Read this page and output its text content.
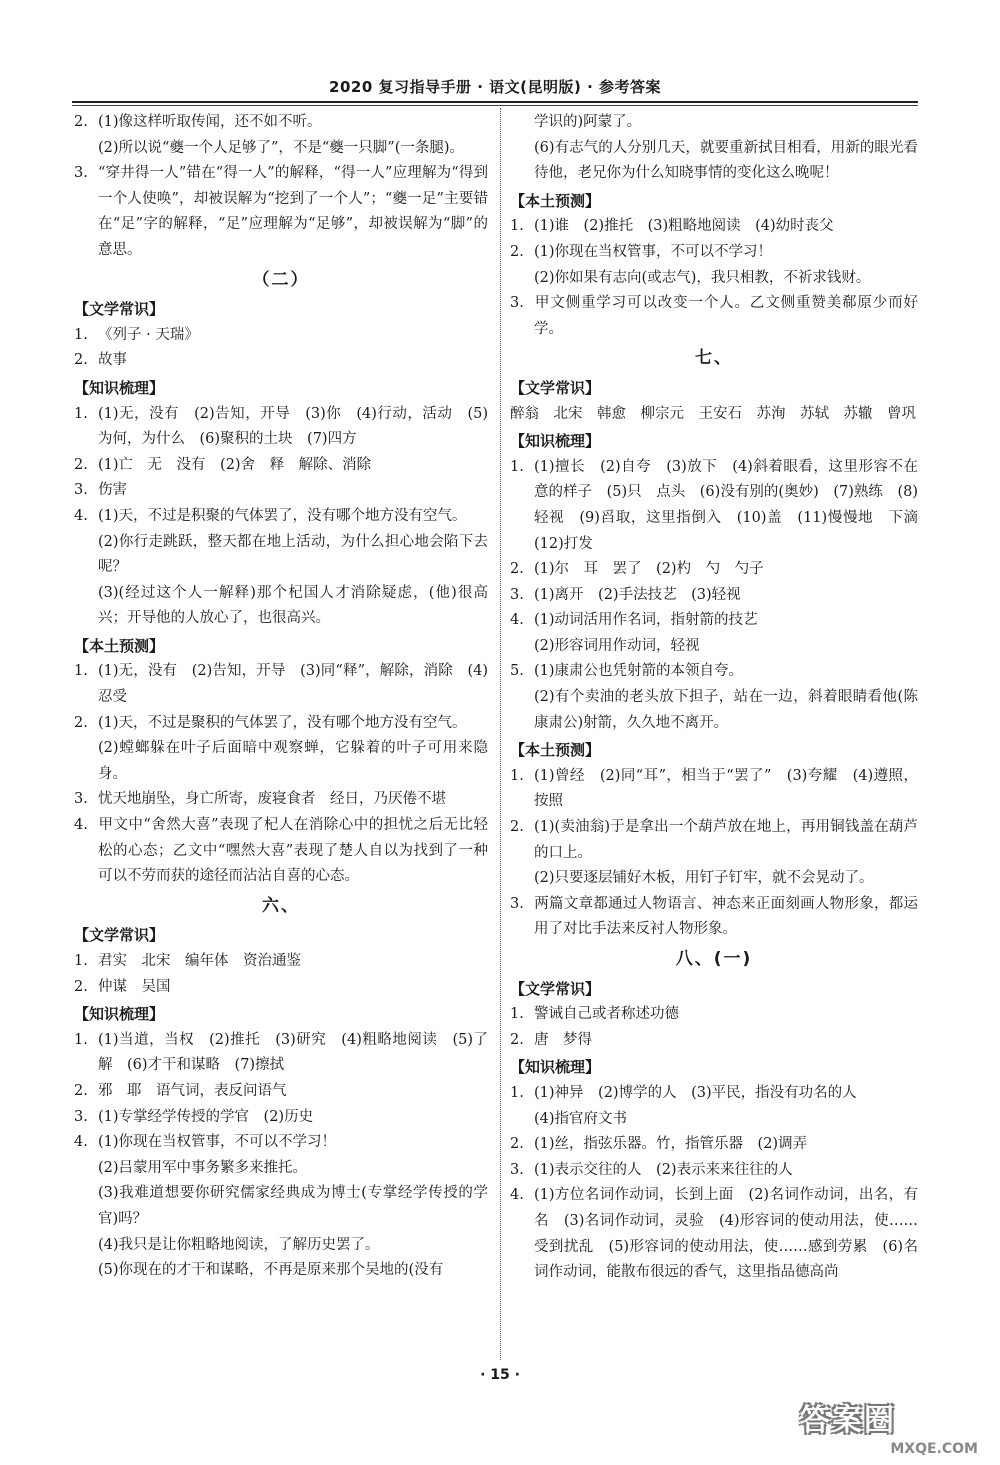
2020 复习指导手册 · 语文(昆明版) · 参考答案
2. (1)像这样听取传闻，还不如不听。
(2)所以说“夔一个人足够了”，不是“夔一只脚”(一条腿)。
3. “穿井得一人”错在“得一人”的解释，“得一人”应理解为“得到一个人使唤”，却被误解为“挖到了一个人”；“夔一足”主要错在“足”字的解释，“足”应理解为“足够”，却被误解为“脚”的意思。
（二）
【文学常识】
1. 《列子 · 天瑞》
2. 故事
【知识梳理】
1. (1)无，没有　(2)告知，开导　(3)你　(4)行动，活动　(5)为何，为什么　(6)聚积的土块　(7)四方
2. (1)亡　无　没有　(2)舍　释　解除、消除
3. 伤害
4. (1)天，不过是积聚的气体罢了，没有哪个地方没有空气。
(2)你行走跳跃，整天都在地上活动，为什么担心地会陷下去呢？
(3)(经过这个人一解释)那个杞国人才消除疑虑，(他)很高兴；开导他的人放心了，也很高兴。
【本土预测】
1. (1)无，没有　(2)告知，开导　(3)同“释”，解除，消除　(4)忍受
2. (1)天，不过是聚积的气体罢了，没有哪个地方没有空气。
(2)螳螂躲在叶子后面暗中观察蝉，它躲着的叶子可用来隐身。
3. 忧天地崩坠，身亡所寄，废寝食者　经日，乃厌倦不堪
4. 甲文中“舍然大喜”表现了杞人在消除心中的担忧之后无比轻松的心态；乙文中“嘿然大喜”表现了楚人自以为找到了一种可以不劳而获的途径而沾沾自喜的心态。
六、
【文学常识】
1. 君实　北宋　编年体　资治通鉴
2. 仲谋　吴国
【知识梳理】
1. (1)当道，当权　(2)推托　(3)研究　(4)粗略地阅读　(5)了解　(6)才干和谋略　(7)擦拭
2. 邪　耶　语气词，表反问语气
3. (1)专掌经学传授的学官　(2)历史
4. (1)你现在当权管事，不可以不学习！
(2)吕蒙用军中事务繁多来推托。
(3)我难道想要你研究儒家经典成为博士(专掌经学传授的学官)吗？
(4)我只是让你粗略地阅读，了解历史罢了。
(5)你现在的才干和谋略，不再是原来那个吴地的(没有
学识的)阿蒙了。
(6)有志气的人分别几天，就要重新拭目相看，用新的眼光看待他，老兄你为什么知晓事情的变化这么晚呢！
【本土预测】
1. (1)谁　(2)推托　(3)粗略地阅读　(4)幼时丧父
2. (1)你现在当权管事，不可以不学习！
(2)你如果有志向(或志气)，我只相教，不祈求钱财。
3. 甲文侧重学习可以改变一个人。乙文侧重赞美郗原少而好学。
七、
【文学常识】
醉翁　北宋　韩愈　柳宗元　王安石　苏洵　苏轼　苏辙　曾巩
【知识梳理】
1. (1)擅长　(2)自夸　(3)放下　(4)斜着眼看，这里形容不在意的样子　(5)只　点头　(6)没有别的(奥妙)　(7)熟练　(8)轻视　(9)舀取，这里指倒入　(10)盖　(11)慢慢地　下滴　(12)打发
2. (1)尔　耳　罢了　(2)杓　勺　勺子
3. (1)离开　(2)手法技艺　(3)轻视
4. (1)动词活用作名词，指射箭的技艺
(2)形容词用作动词，轻视
5. (1)康肃公也凭射箭的本领自夸。
(2)有个卖油的老头放下担子，站在一边，斜着眼睛看他(陈康肃公)射箭，久久地不离开。
【本土预测】
1. (1)曾经　(2)同“耳”，相当于“罢了”　(3)夸耀　(4)遵照，按照
2. (1)(卖油翁)于是拿出一个葫芦放在地上，再用铜钱盖在葫芦的口上。
(2)只要逐层铺好木板，用钉子钉牢，就不会晃动了。
3. 两篇文章都通过人物语言、神态来正面刻画人物形象，都运用了对比手法来反衬人物形象。
八、(一)
【文学常识】
1. 警诫自己或者称述功德
2. 唐　梦得
【知识梳理】
1. (1)神异　(2)博学的人　(3)平民，指没有功名的人
(4)指官府文书
2. (1)丝，指弦乐器。竹，指管乐器　(2)调弄
3. (1)表示交往的人　(2)表示来来往往的人
4. (1)方位名词作动词，长到上面　(2)名词作动词，出名，有名　(3)名词作动词，灵验　(4)形容词的使动用法，使……受到扰乱　(5)形容词的使动用法，使……感到劳累　(6)名词作动词，能散布很远的香气，这里指品德高尚
· 15 ·
答案圈
MXQE.COM
